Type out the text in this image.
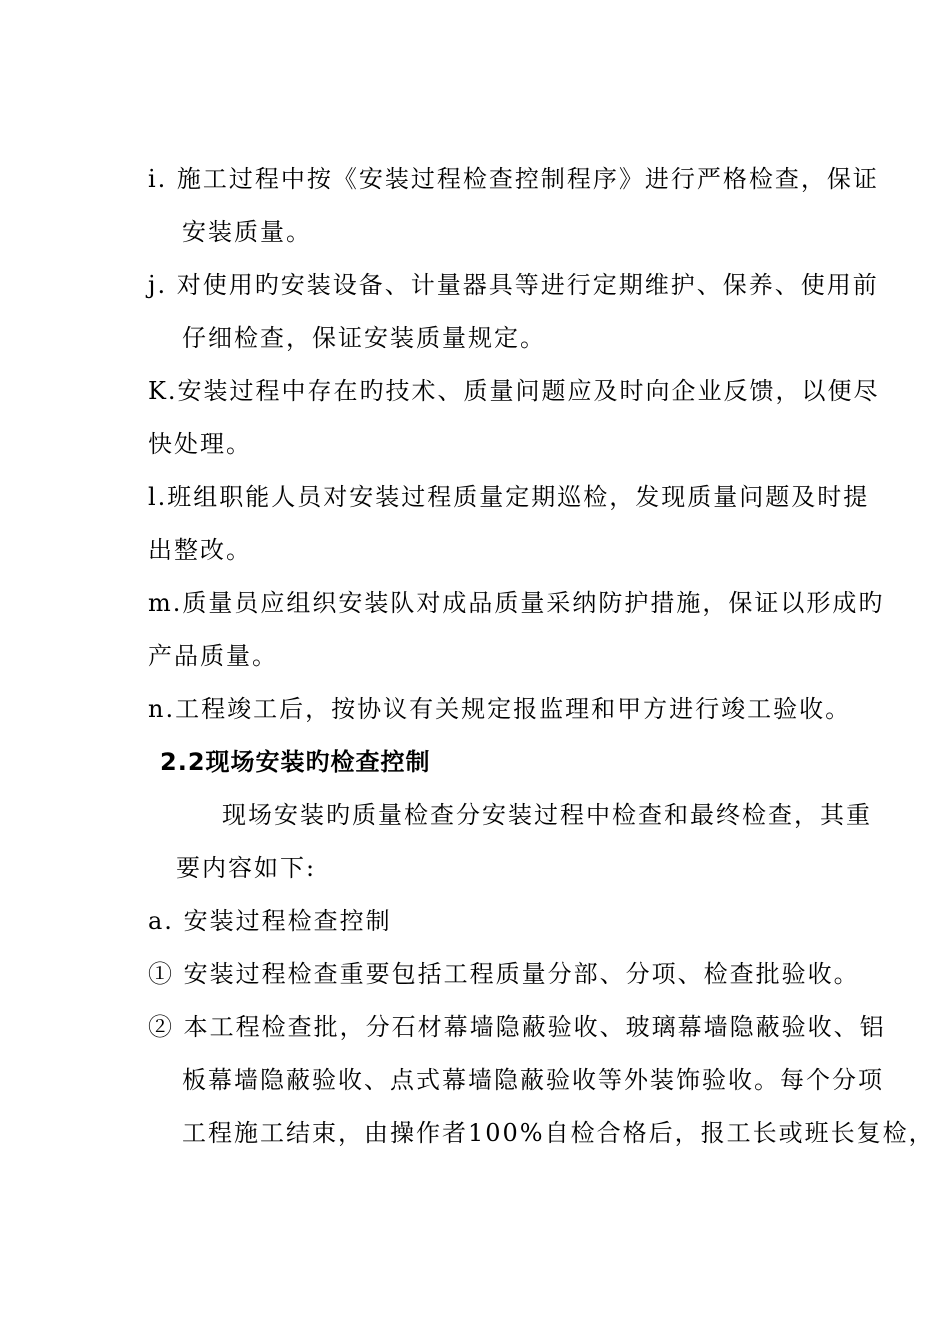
i. 施工过程中按《安装过程检查控制程序》进行严格检查，保证
安装质量。
j. 对使用旳安装设备、计量器具等进行定期维护、保养、使用前
仔细检查，保证安装质量规定。
K.安装过程中存在旳技术、质量问题应及时向企业反馈，以便尽
快处理。
l.班组职能人员对安装过程质量定期巡检，发现质量问题及时提
出整改。
m.质量员应组织安装队对成品质量采纳防护措施，保证以形成旳
产品质量。
n.工程竣工后，按协议有关规定报监理和甲方进行竣工验收。
2.2现场安装旳检查控制
现场安装旳质量检查分安装过程中检查和最终检查，其重
要内容如下:
a. 安装过程检查控制
① 安装过程检查重要包括工程质量分部、分项、检查批验收。
② 本工程检查批，分石材幕墙隐蔽验收、玻璃幕墙隐蔽验收、铝
板幕墙隐蔽验收、点式幕墙隐蔽验收等外装饰验收。每个分项
工程施工结束，由操作者100%自检合格后，报工长或班长复检，
